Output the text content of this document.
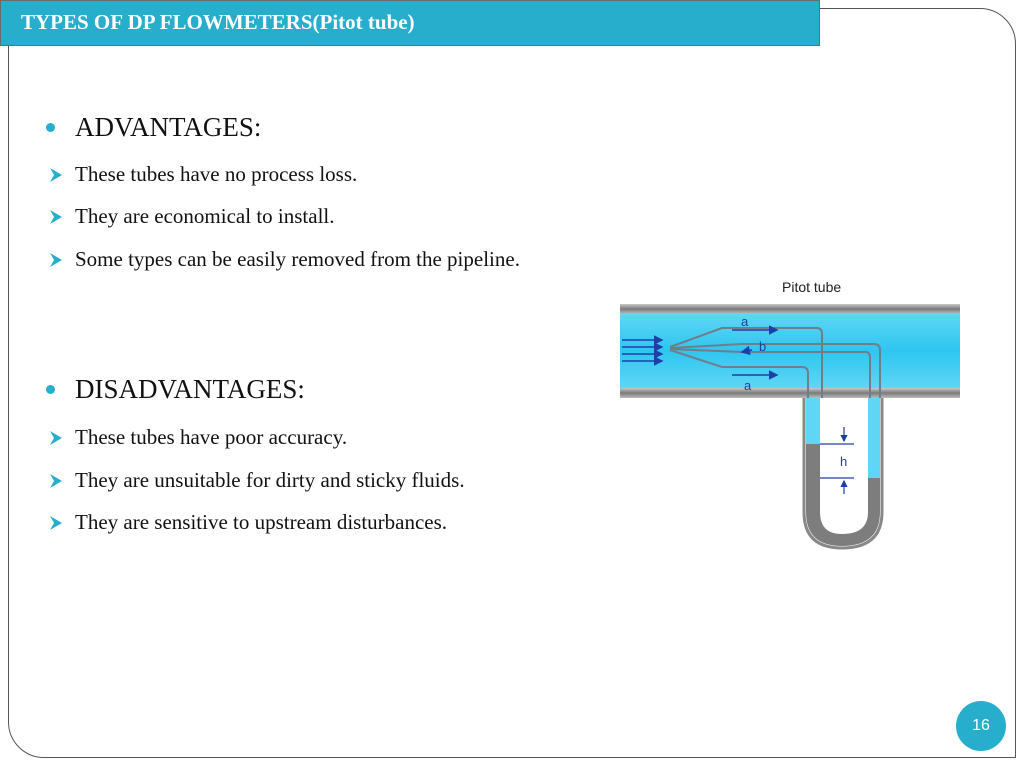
TYPES OF DP FLOWMETERS(Pitot tube)
ADVANTAGES:
These tubes have no process loss.
They are economical to install.
Some types can be easily removed from the pipeline.
DISADVANTAGES:
These tubes have poor accuracy.
They are unsuitable for dirty and sticky fluids.
They are sensitive to upstream disturbances.
Pitot tube
a
b
a
h
16
